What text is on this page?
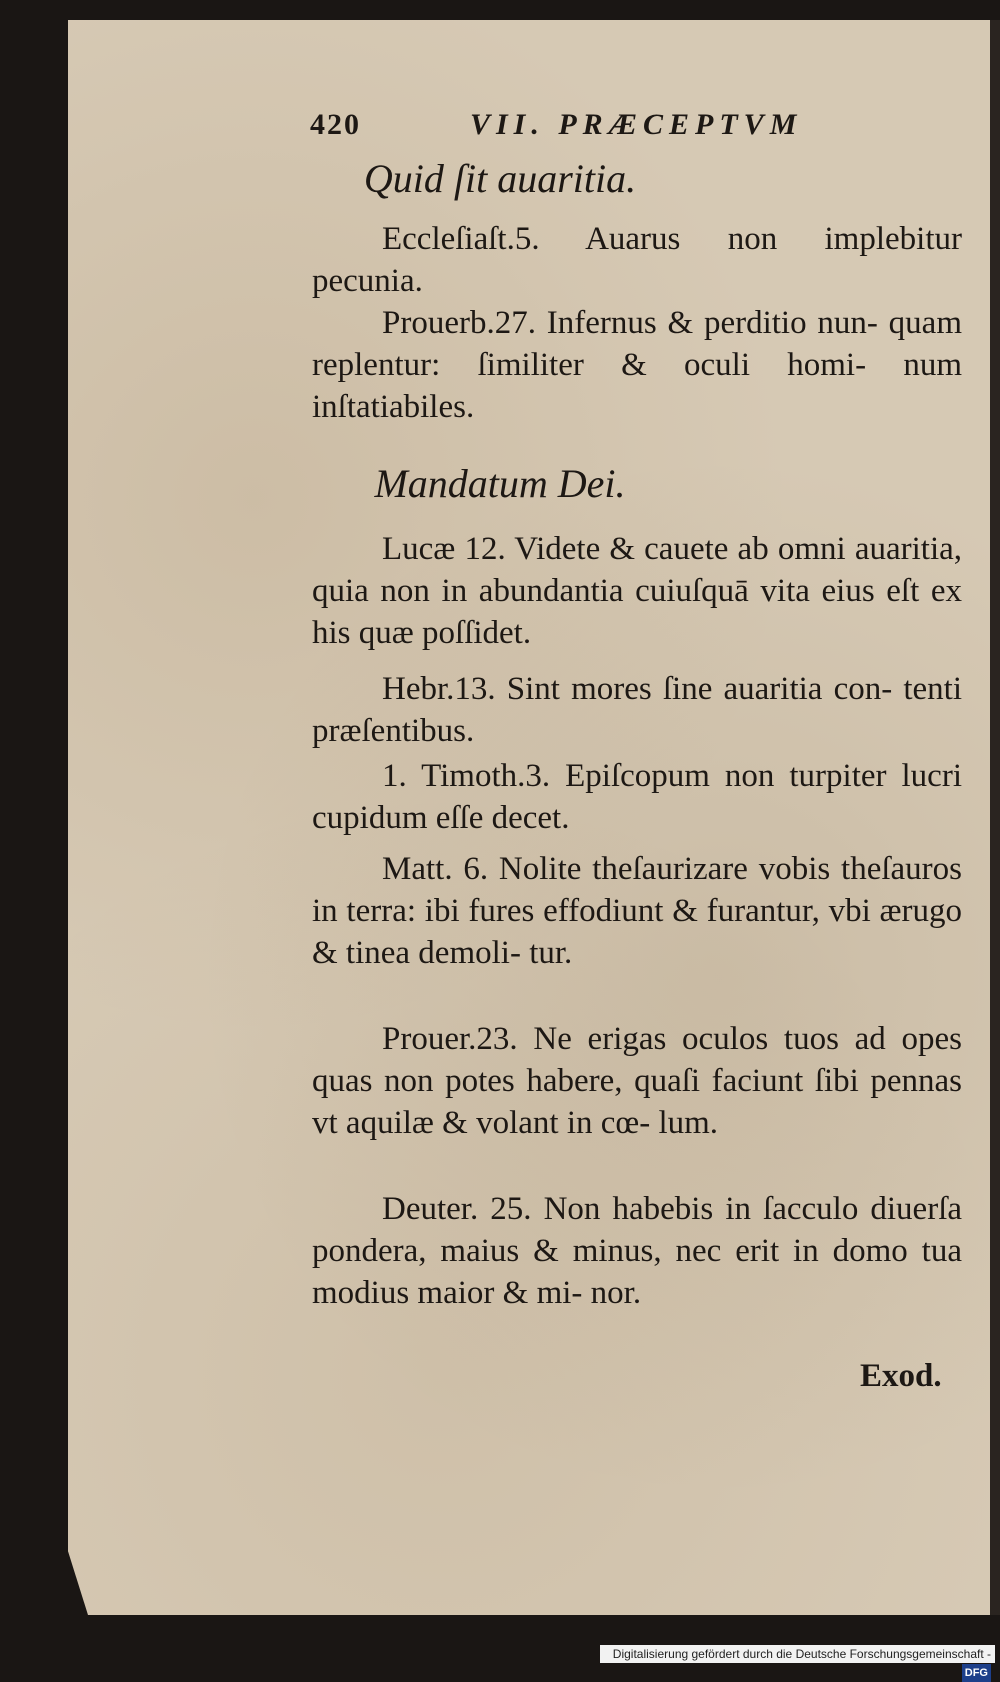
420	VII. PRÆCEPTVM
Quid ſit auaritia.
Eccleſiaſt.5. Auarus non implebitur pecunia.
Prouerb.27. Infernus & perditio nun- quam replentur: ſimiliter & oculi homi- num inſtatiabiles.
Mandatum Dei.
Lucæ 12. Videte & cauete ab omni auaritia, quia non in abundantia cuiuſquā vita eius eſt ex his quæ poſſidet.
Hebr.13. Sint mores ſine auaritia con- tenti præſentibus.
1. Timoth.3. Epiſcopum non turpiter lucri cupidum eſſe decet.
Matt. 6. Nolite theſaurizare vobis theſauros in terra: ibi fures effodiunt & furantur, vbi ærugo & tinea demoli- tur.
Prouer.23. Ne erigas oculos tuos ad opes quas non potes habere, quaſi faciunt ſibi pennas vt aquilæ & volant in cœ- lum.
Deuter. 25. Non habebis in ſacculo diuerſa pondera, maius & minus, nec erit in domo tua modius maior & mi- nor.
Exod.
Digitalisierung gefördert durch die Deutsche Forschungsgemeinschaft -DFG
